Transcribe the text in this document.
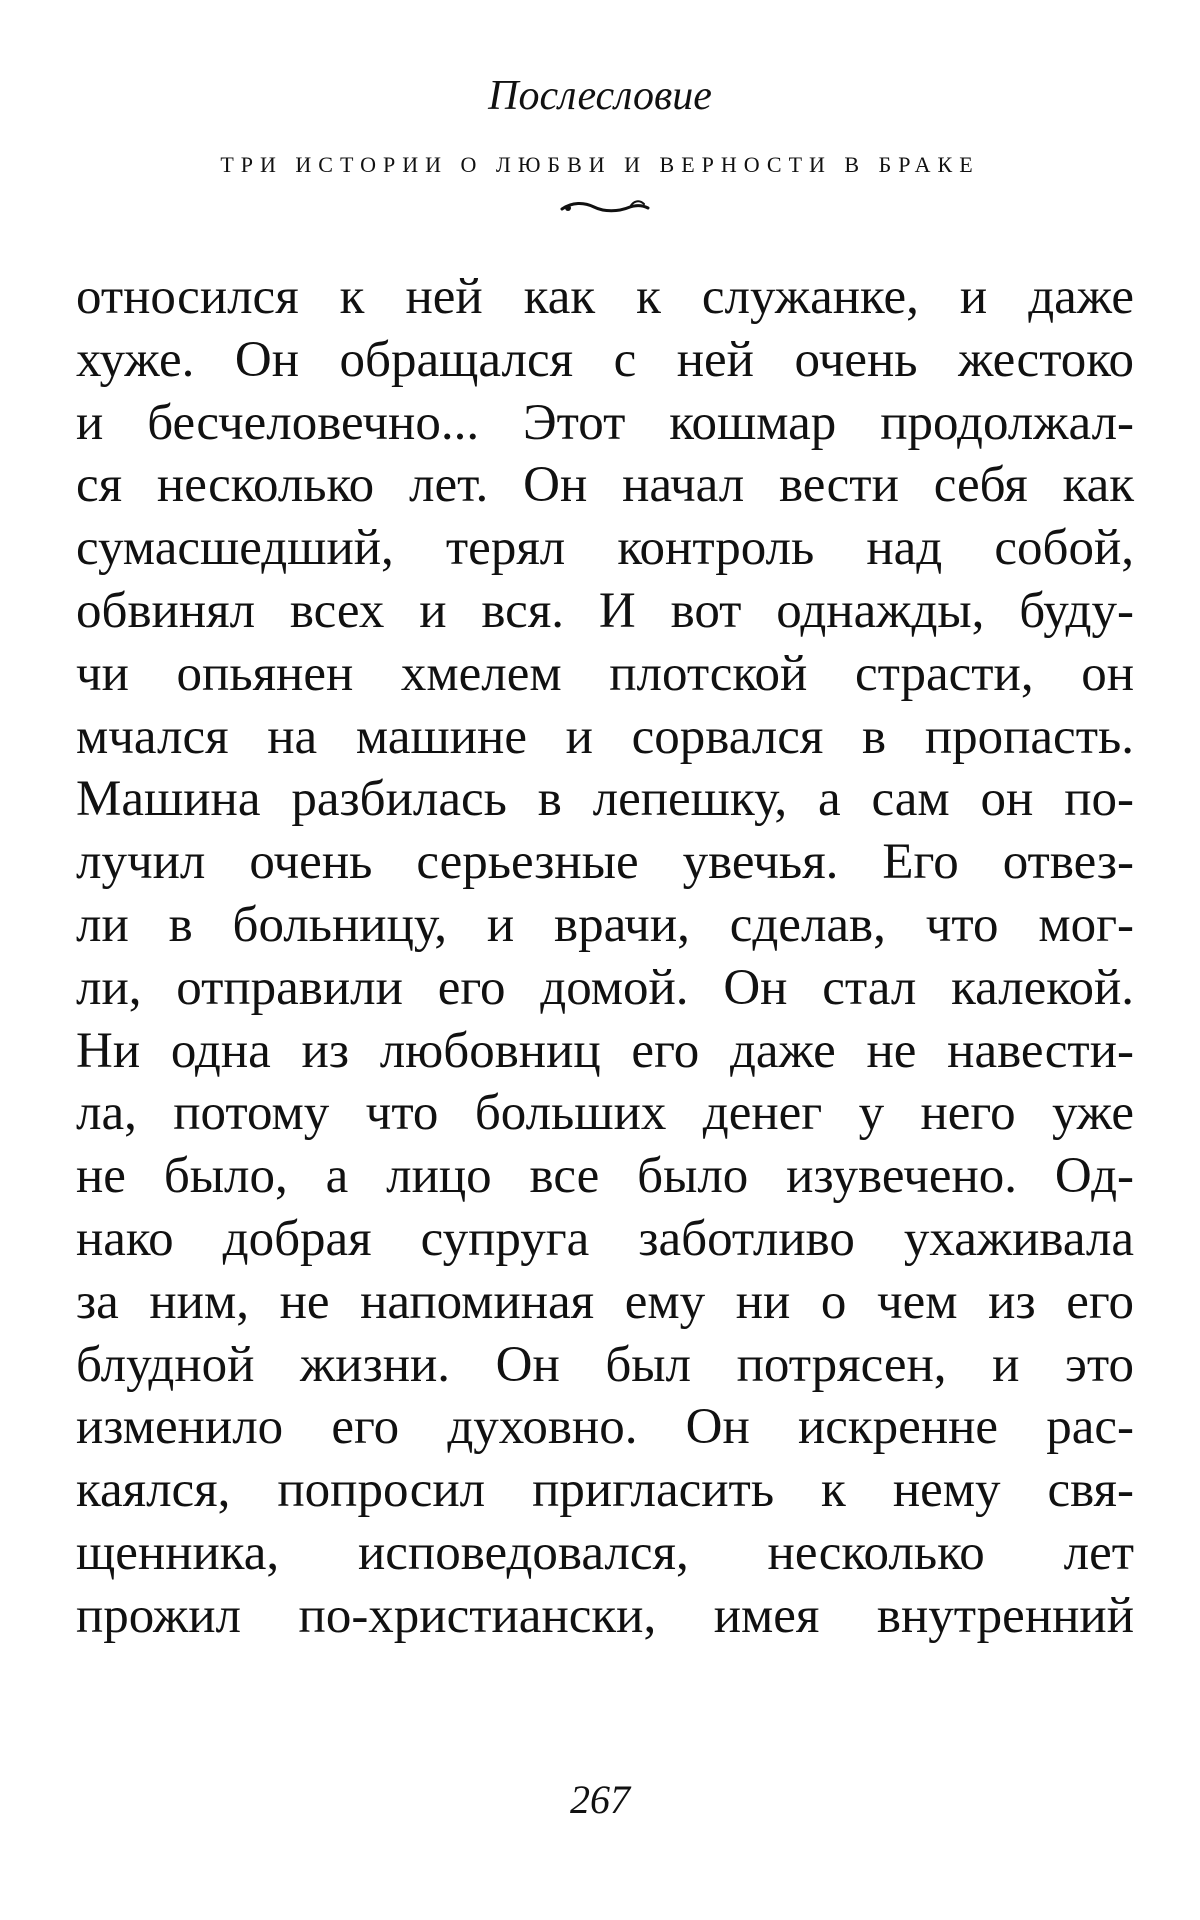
Послесловие
ТРИ ИСТОРИИ О ЛЮБВИ И ВЕРНОСТИ В БРАКЕ
относился к ней как к служанке, и даже
хуже. Он обращался с ней очень жестоко
и бесчеловечно... Этот кошмар продолжал-
ся несколько лет. Он начал вести себя как
сумасшедший, терял контроль над собой,
обвинял всех и вся. И вот однажды, буду-
чи опьянен хмелем плотской страсти, он
мчался на машине и сорвался в пропасть.
Машина разбилась в лепешку, а сам он по-
лучил очень серьезные увечья. Его отвез-
ли в больницу, и врачи, сделав, что мог-
ли, отправили его домой. Он стал калекой.
Ни одна из любовниц его даже не навести-
ла, потому что больших денег у него уже
не было, а лицо все было изувечено. Од-
нако добрая супруга заботливо ухаживала
за ним, не напоминая ему ни о чем из его
блудной жизни. Он был потрясен, и это
изменило его духовно. Он искренне рас-
каялся, попросил пригласить к нему свя-
щенника, исповедовался, несколько лет
прожил по-христиански, имея внутренний
267
